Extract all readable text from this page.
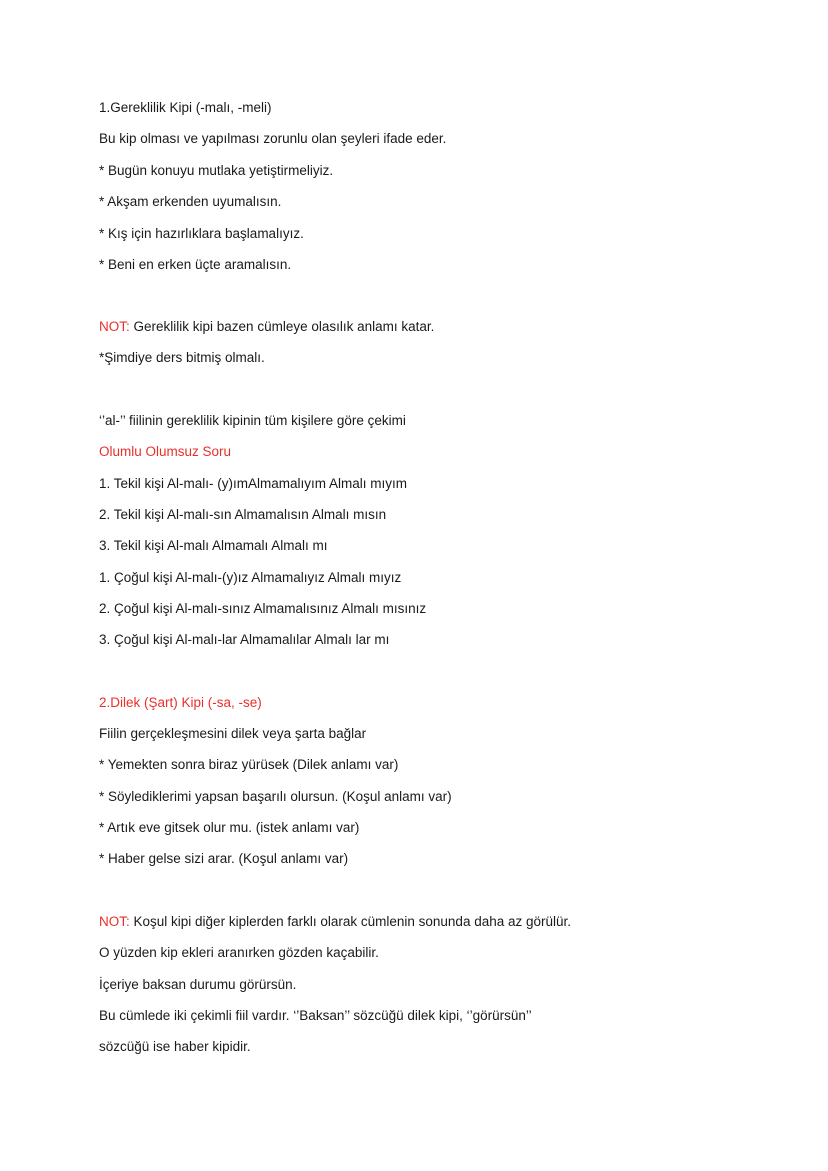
1.Gereklilik Kipi (-malı, -meli)
Bu kip olması ve yapılması zorunlu olan şeyleri ifade eder.
* Bugün konuyu mutlaka yetiştirmeliyiz.
* Akşam erkenden uyumalısın.
* Kış için hazırlıklara başlamalıyız.
* Beni en erken üçte aramalısın.
NOT: Gereklilik kipi bazen cümleye olasılık anlamı katar.
*Şimdiye ders bitmiş olmalı.
‘’al-’’ fiilinin gereklilik kipinin tüm kişilere göre çekimi
Olumlu Olumsuz Soru
1. Tekil kişi Al-malı- (y)ımAlmamalıyım Almalı mıyım
2. Tekil kişi Al-malı-sın Almamalısın Almalı mısın
3. Tekil kişi Al-malı Almamalı Almalı mı
1. Çoğul kişi Al-malı-(y)ız Almamalıyız Almalı mıyız
2. Çoğul kişi Al-malı-sınız Almamalısınız Almalı mısınız
3. Çoğul kişi Al-malı-lar Almamalılar Almalı lar mı
2.Dilek (Şart) Kipi (-sa, -se)
Fiilin gerçekleşmesini dilek veya şarta bağlar
* Yemekten sonra biraz yürüsek (Dilek anlamı var)
* Söylediklerimi yapsan başarılı olursun. (Koşul anlamı var)
* Artık eve gitsek olur mu. (istek anlamı var)
* Haber gelse sizi arar. (Koşul anlamı var)
NOT: Koşul kipi diğer kiplerden farklı olarak cümlenin sonunda daha az görülür.
O yüzden kip ekleri aranırken gözden kaçabilir.
İçeriye baksan durumu görürsün.
Bu cümlede iki çekimli fiil vardır. ‘’Baksan’’ sözcüğü dilek kipi, ‘’görürsün’’
sözcüğü ise haber kipidir.
